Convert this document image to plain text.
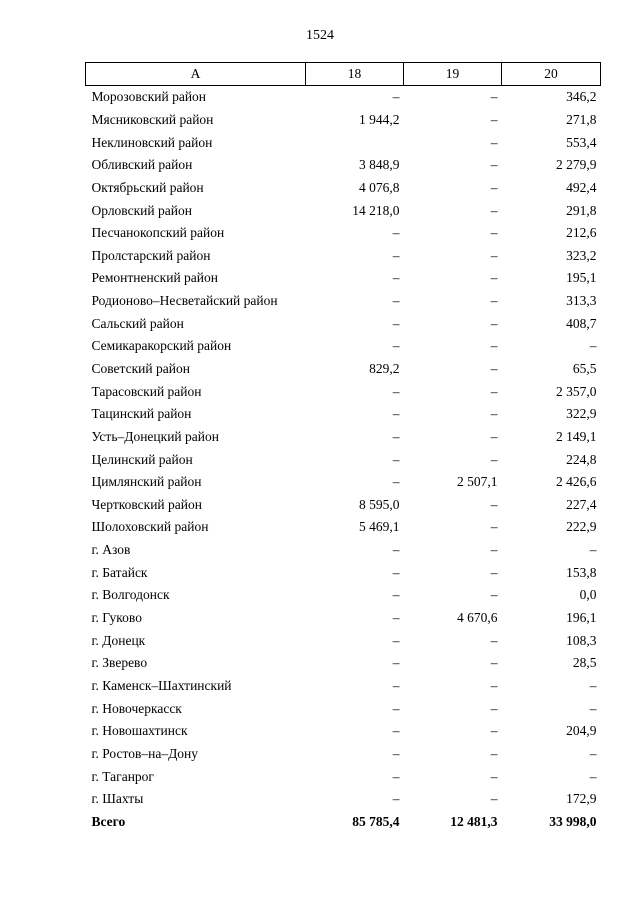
1524
А	18	19	20
Морозовский район	–	–	346,2
Мясниковский район	1 944,2	–	271,8
Неклиновский район		–	553,4
Обливский район	3 848,9	–	2 279,9
Октябрьский район	4 076,8	–	492,4
Орловский район	14 218,0	–	291,8
Песчанокопский район	–	–	212,6
Пролстарский район	–	–	323,2
Ремонтненский район	–	–	195,1
Родионово–Несветайский район	–	–	313,3
Сальский район	–	–	408,7
Семикаракорский район	–	–	–
Советский район	829,2	–	65,5
Тарасовский район	–	–	2 357,0
Тацинский район	–	–	322,9
Усть–Донецкий район	–	–	2 149,1
Целинский район	–	–	224,8
Цимлянский район	–	2 507,1	2 426,6
Чертковский район	8 595,0	–	227,4
Шолоховский район	5 469,1	–	222,9
г. Азов	–	–	–
г. Батайск	–	–	153,8
г. Волгодонск	–	–	0,0
г. Гуково	–	4 670,6	196,1
г. Донецк	–	–	108,3
г. Зверево	–	–	28,5
г. Каменск–Шахтинский	–	–	–
г. Новочеркасск	–	–	–
г. Новошахтинск	–	–	204,9
г. Ростов–на–Дону	–	–	–
г. Таганрог	–	–	–
г. Шахты	–	–	172,9
Всего	85 785,4	12 481,3	33 998,0
